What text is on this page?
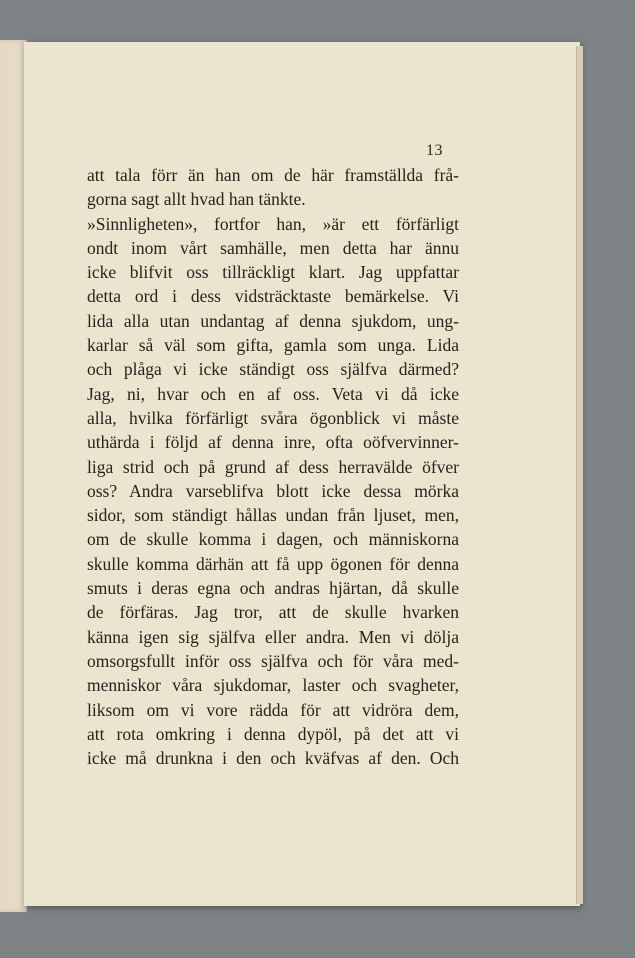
13
att tala förr än han om de här framställda frå-
gorna sagt allt hvad han tänkte.
»Sinnligheten», fortfor han, »är ett förfärligt
ondt inom vårt samhälle, men detta har ännu
icke blifvit oss tillräckligt klart. Jag uppfattar
detta ord i dess vidsträcktaste bemärkelse. Vi
lida alla utan undantag af denna sjukdom, ung-
karlar så väl som gifta, gamla som unga. Lida
och plåga vi icke ständigt oss själfva därmed?
Jag, ni, hvar och en af oss. Veta vi då icke
alla, hvilka förfärligt svåra ögonblick vi måste
uthärda i följd af denna inre, ofta oöfvervinner-
liga strid och på grund af dess herravälde öfver
oss? Andra varseblifva blott icke dessa mörka
sidor, som ständigt hållas undan från ljuset, men,
om de skulle komma i dagen, och människorna
skulle komma därhän att få upp ögonen för denna
smuts i deras egna och andras hjärtan, då skulle
de förfäras. Jag tror, att de skulle hvarken
känna igen sig själfva eller andra. Men vi dölja
omsorgsfullt inför oss själfva och för våra med-
menniskor våra sjukdomar, laster och svagheter,
liksom om vi vore rädda för att vidröra dem,
att rota omkring i denna dypöl, på det att vi
icke må drunkna i den och kväfvas af den. Och
